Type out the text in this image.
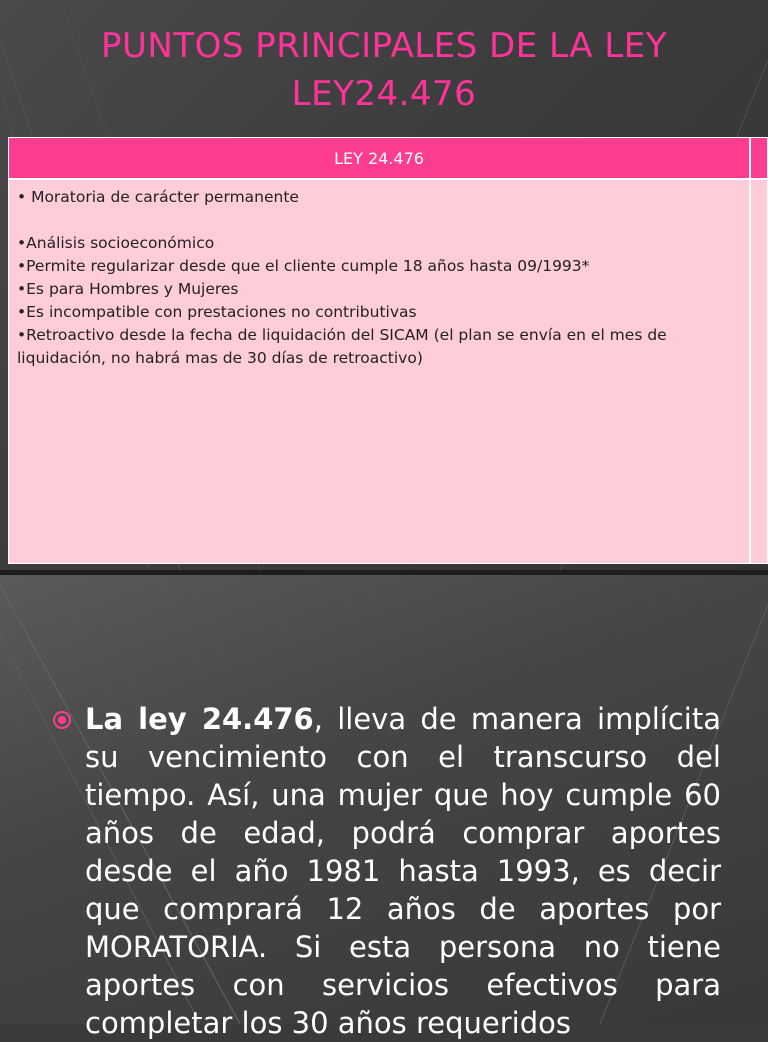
PUNTOS PRINCIPALES DE LA LEY
LEY24.476
LEY 24.476

• Moratoria de carácter permanente

•Análisis socioeconómico

•Permite regularizar desde que el cliente cumple 18 años hasta 09/1993*

•Es para Hombres y Mujeres

•Es incompatible con prestaciones no contributivas

•Retroactivo desde la fecha de liquidación del SICAM (el plan se envía en el mes de liquidación, no habrá mas de 30 días de retroactivo)

La ley 24.476, lleva de manera implícita su vencimiento con el transcurso del tiempo. Así, una mujer que hoy cumple 60 años de edad, podrá comprar aportes desde el año 1981 hasta 1993, es decir que comprará 12 años de aportes por MORATORIA. Si esta persona no tiene aportes con servicios efectivos para completar los 30 años requeridos
